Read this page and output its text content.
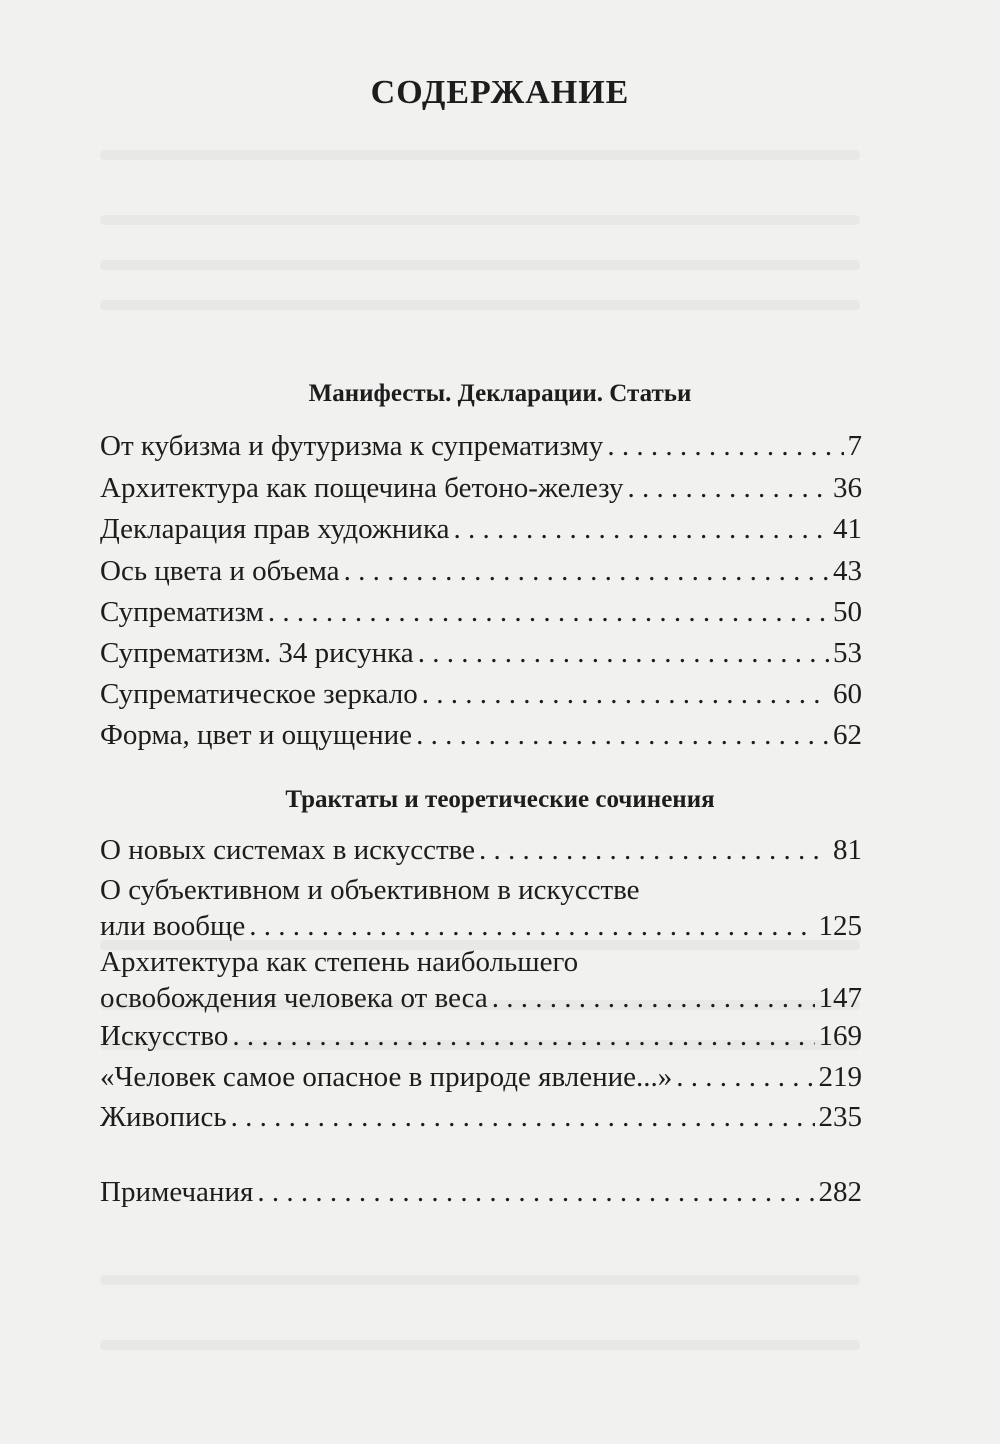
СОДЕРЖАНИЕ
Манифесты. Декларации. Статьи
От кубизма и футуризма к супрематизму . . .	7
Архитектура как пощечина бетоно-железу . . .	36
Декларация прав художника . . .	41
Ось цвета и объема . . .	43
Супрематизм . . .	50
Супрематизм. 34 рисунка . . .	53
Супрематическое зеркало . . .	60
Форма, цвет и ощущение . . .	62
Трактаты и теоретические сочинения
О новых системах в искусстве . . .	81
О субъективном и объективном в искусстве
или вообще . . .	125
Архитектура как степень наибольшего
освобождения человека от веса . . .	147
Искусство . . .	169
«Человек самое опасное в природе явление...» . . .	219
Живопись . . .	235
Примечания . . .	282
